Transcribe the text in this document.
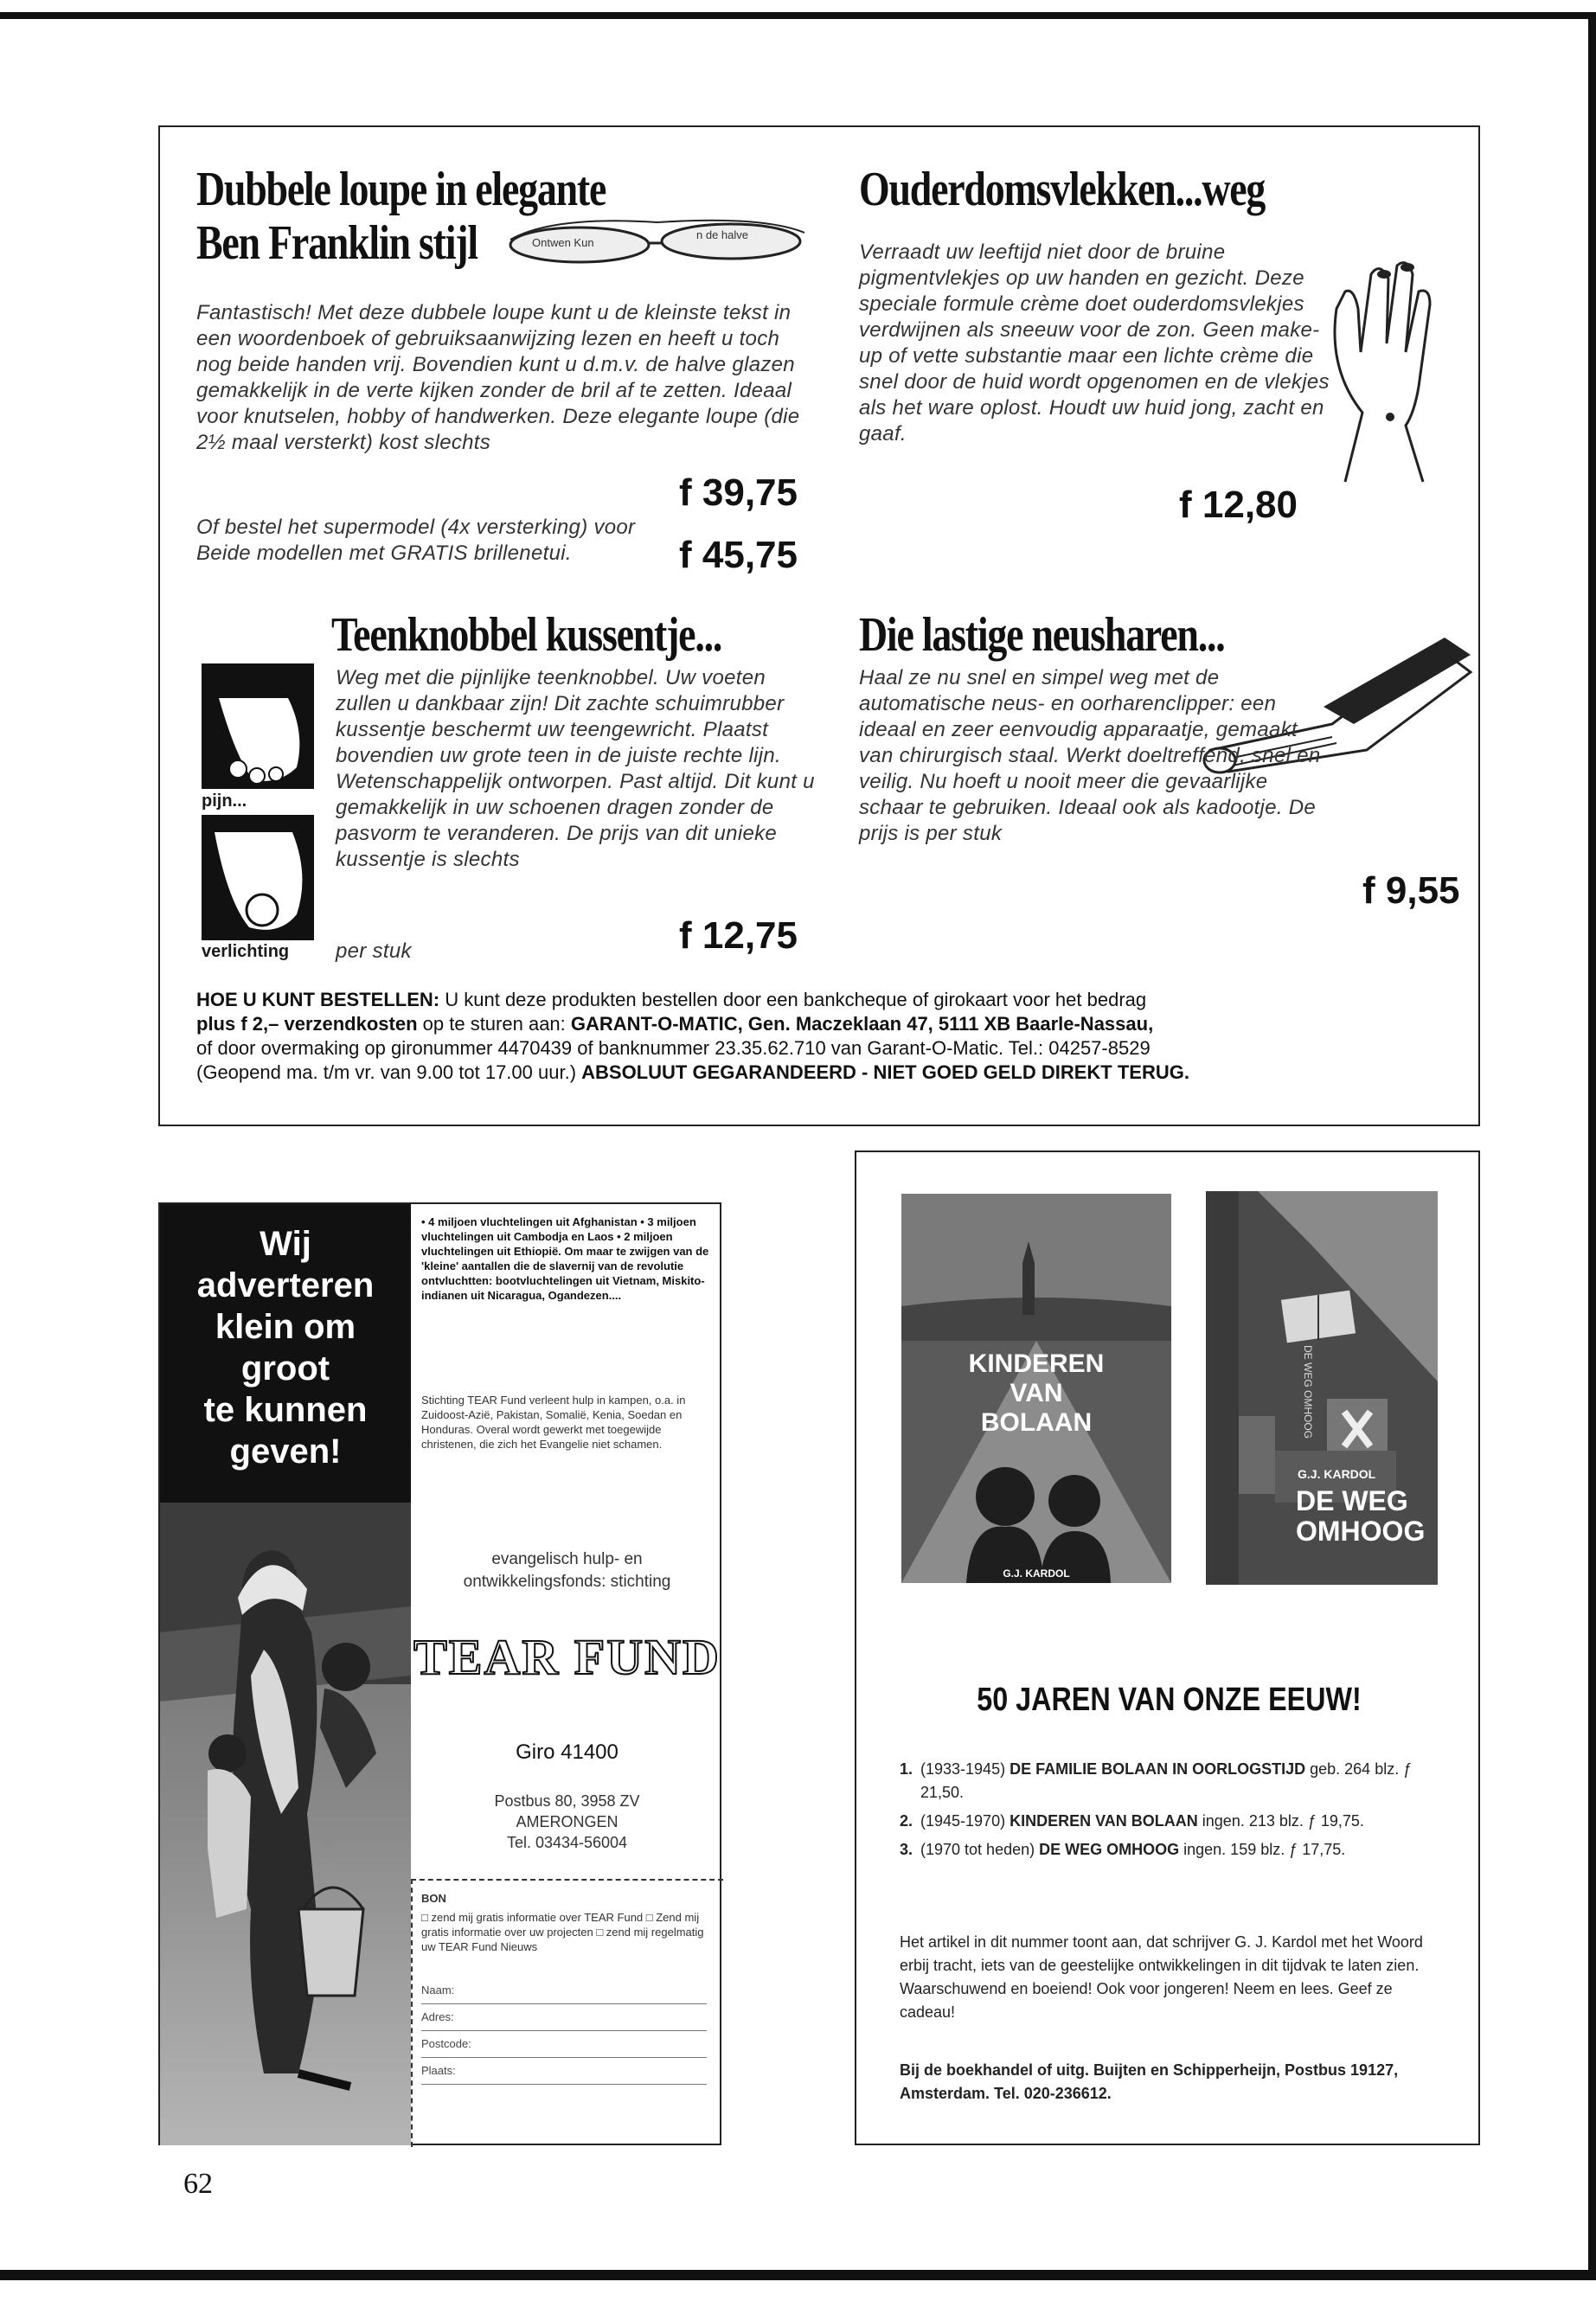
Dubbele loupe in elegante
Ben Franklin stijl	Ontwen Kun
n de halve
Fantastisch! Met deze dubbele loupe kunt u de kleinste tekst in een woordenboek of gebruiksaanwijzing lezen en heeft u toch nog beide handen vrij. Bovendien kunt u d.m.v. de halve glazen gemakkelijk in de verte kijken zonder de bril af te zetten. Ideaal voor knutselen, hobby of handwerken. Deze elegante loupe (die 2½ maal versterkt) kost slechts
f 39,75
Of bestel het supermodel (4x versterking) voor
Beide modellen met GRATIS brillenetui.	f 45,75
Ouderdomsvlekken...weg
Verraadt uw leeftijd niet door de bruine pigmentvlekjes op uw handen en gezicht. Deze speciale formule crème doet ouderdomsvlekjes verdwijnen als sneeuw voor de zon. Geen make-up of vette substantie maar een lichte crème die snel door de huid wordt opgenomen en de vlekjes als het ware oplost. Houdt uw huid jong, zacht en gaaf.
f 12,80
Teenknobbel kussentje...
pijn...
verlichting
Weg met die pijnlijke teenknobbel. Uw voeten zullen u dankbaar zijn! Dit zachte schuimrubber kussentje beschermt uw teengewricht. Plaatst bovendien uw grote teen in de juiste rechte lijn. Wetenschappelijk ontworpen. Past altijd. Dit kunt u gemakkelijk in uw schoenen dragen zonder de pasvorm te veranderen. De prijs van dit unieke kussentje is slechts
per stuk	f 12,75
Die lastige neusharen...
Haal ze nu snel en simpel weg met de automatische neus- en oorharenclipper: een ideaal en zeer eenvoudig apparaatje, gemaakt van chirurgisch staal. Werkt doeltreffend, snel en veilig. Nu hoeft u nooit meer die gevaarlijke schaar te gebruiken. Ideaal ook als kadootje. De prijs is per stuk
f 9,55
HOE U KUNT BESTELLEN: U kunt deze produkten bestellen door een bankcheque of girokaart voor het bedrag
plus f 2,– verzendkosten op te sturen aan: GARANT-O-MATIC, Gen. Maczeklaan 47, 5111 XB Baarle-Nassau,
of door overmaking op gironummer 4470439 of banknummer 23.35.62.710 van Garant-O-Matic. Tel.: 04257-8529
(Geopend ma. t/m vr. van 9.00 tot 17.00 uur.) ABSOLUUT GEGARANDEERD - NIET GOED GELD DIREKT TERUG.
Wij
adverteren
klein om
groot
te kunnen
geven!
• 4 miljoen vluchtelingen uit Afghanistan • 3 miljoen vluchtelingen uit Cambodja en Laos • 2 miljoen vluchtelingen uit Ethiopië. Om maar te zwijgen van de 'kleine' aantallen die de slavernij van de revolutie ontvluchtten: bootvluchtelingen uit Vietnam, Miskito-indianen uit Nicaragua, Ogandezen....
Stichting TEAR Fund verleent hulp in kampen, o.a. in Zuidoost-Azië, Pakistan, Somalië, Kenia, Soedan en Honduras. Overal wordt gewerkt met toegewijde christenen, die zich het Evangelie niet schamen.
evangelisch hulp- en
ontwikkelingsfonds: stichting
TEAR FUND
Giro 41400
Postbus 80, 3958 ZV
AMERONGEN
Tel. 03434-56004
BON
□ zend mij gratis informatie over TEAR Fund □ Zend mij gratis informatie over uw projecten □ zend mij regelmatig uw TEAR Fund Nieuws
Naam:
Adres:
Postcode:
Plaats:
KINDEREN
VAN
BOLAAN
G.J. KARDOL
DE WEG OMHOOG
G.J. KARDOL
DE WEG
OMHOOG
50 JAREN VAN ONZE EEUW!
1. (1933-1945) DE FAMILIE BOLAAN IN OORLOGSTIJD geb. 264 blz. ƒ 21,50.
2. (1945-1970) KINDEREN VAN BOLAAN ingen. 213 blz. ƒ 19,75.
3. (1970 tot heden) DE WEG OMHOOG ingen. 159 blz. ƒ 17,75.
Het artikel in dit nummer toont aan, dat schrijver G. J. Kardol met het Woord erbij tracht, iets van de geestelijke ontwikkelingen in dit tijdvak te laten zien. Waarschuwend en boeiend! Ook voor jongeren! Neem en lees. Geef ze cadeau!
Bij de boekhandel of uitg. Buijten en Schipperheijn, Postbus 19127, Amsterdam. Tel. 020-236612.
62
